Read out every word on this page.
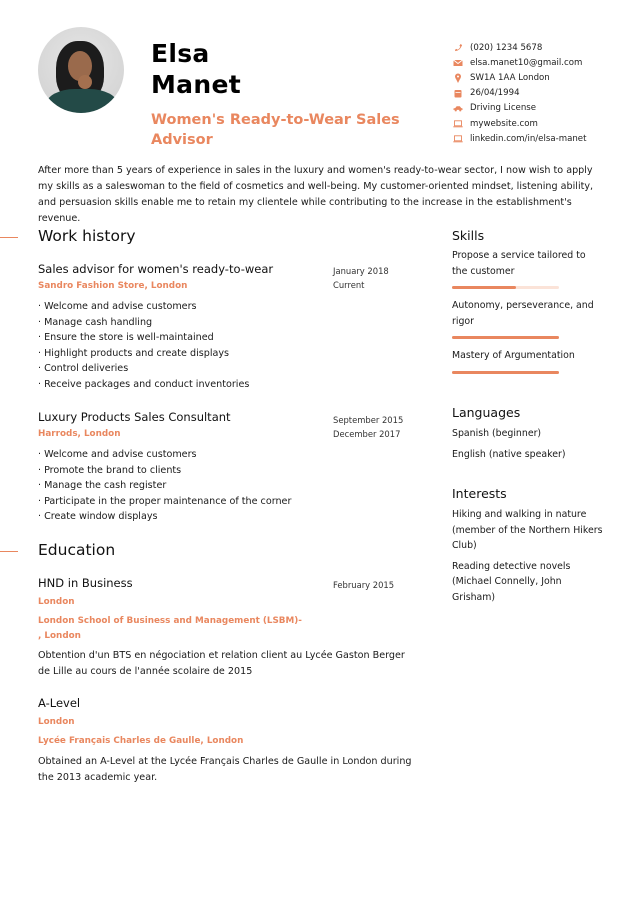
Elsa
Manet
Women's Ready-to-Wear Sales Advisor
(020) 1234 5678
elsa.manet10@gmail.com
SW1A 1AA London
26/04/1994
Driving License
mywebsite.com
linkedin.com/in/elsa-manet

After more than 5 years of experience in sales in the luxury and women's ready-to-wear sector, I now wish to apply my skills as a saleswoman to the field of cosmetics and well-being. My customer-oriented mindset, listening ability, and persuasion skills enable me to retain my clientele while contributing to the increase in the establishment's revenue.

Work history
Sales advisor for women's ready-to-wear
Sandro Fashion Store, London
· Welcome and advise customers
· Manage cash handling
· Ensure the store is well-maintained
· Highlight products and create displays
· Control deliveries
· Receive packages and conduct inventories
January 2018
Current
Luxury Products Sales Consultant
Harrods, London
· Welcome and advise customers
· Promote the brand to clients
· Manage the cash register
· Participate in the proper maintenance of the corner
· Create window displays
September 2015
December 2017
Education
HND in Business
London
London School of Business and Management (LSBM)-
, London
Obtention d'un BTS en négociation et relation client au Lycée Gaston Berger de Lille au cours de l'année scolaire de 2015
February 2015
A-Level
London
Lycée Français Charles de Gaulle, London
Obtained an A-Level at the Lycée Français Charles de Gaulle in London during the 2013 academic year.
Skills
Propose a service tailored to the customer
Autonomy, perseverance, and rigor
Mastery of Argumentation
Languages
Spanish (beginner)
English (native speaker)
Interests
Hiking and walking in nature (member of the Northern Hikers Club)
Reading detective novels (Michael Connelly, John Grisham)
